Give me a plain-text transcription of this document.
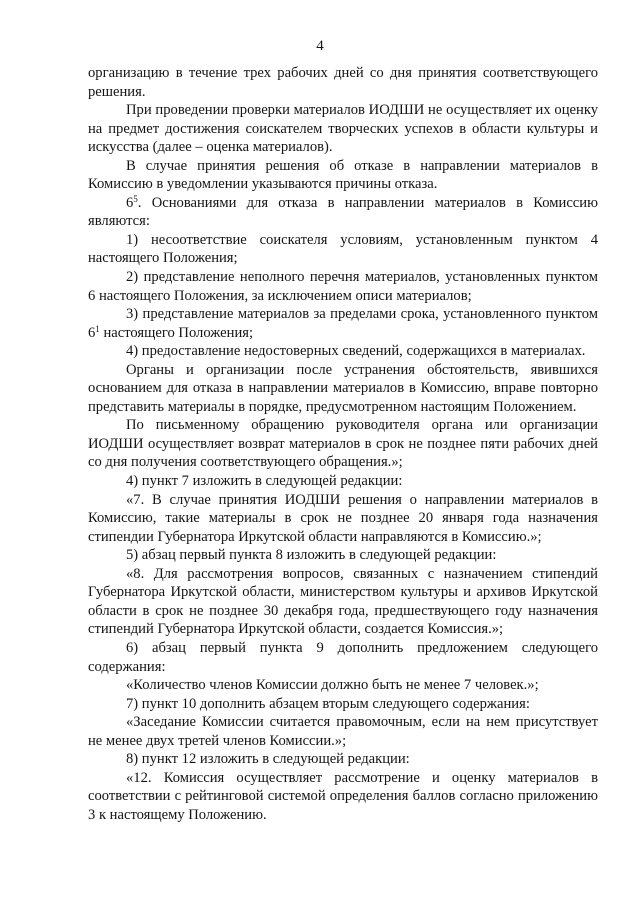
4

организацию в течение трех рабочих дней со дня принятия соответствующего решения.

При проведении проверки материалов ИОДШИ не осуществляет их оценку на предмет достижения соискателем творческих успехов в области культуры и искусства (далее – оценка материалов).

В случае принятия решения об отказе в направлении материалов в Комиссию в уведомлении указываются причины отказа.

$6^5$. Основаниями для отказа в направлении материалов в Комиссию являются:

1) несоответствие соискателя условиям, установленным пунктом 4 настоящего Положения;

2) представление неполного перечня материалов, установленных пунктом 6 настоящего Положения, за исключением описи материалов;

3) представление материалов за пределами срока, установленного пунктом $6^1$ настоящего Положения;

4) предоставление недостоверных сведений, содержащихся в материалах.

Органы и организации после устранения обстоятельств, явившихся основанием для отказа в направлении материалов в Комиссию, вправе повторно представить материалы в порядке, предусмотренном настоящим Положением.

По письменному обращению руководителя органа или организации ИОДШИ осуществляет возврат материалов в срок не позднее пяти рабочих дней со дня получения соответствующего обращения.»;

4) пункт 7 изложить в следующей редакции:

«7. В случае принятия ИОДШИ решения о направлении материалов в Комиссию, такие материалы в срок не позднее 20 января года назначения стипендии Губернатора Иркутской области направляются в Комиссию.»;

5) абзац первый пункта 8 изложить в следующей редакции:

«8. Для рассмотрения вопросов, связанных с назначением стипендий Губернатора Иркутской области, министерством культуры и архивов Иркутской области в срок не позднее 30 декабря года, предшествующего году назначения стипендий Губернатора Иркутской области, создается Комиссия.»;

6) абзац первый пункта 9 дополнить предложением следующего содержания:

«Количество членов Комиссии должно быть не менее 7 человек.»;

7) пункт 10 дополнить абзацем вторым следующего содержания:

«Заседание Комиссии считается правомочным, если на нем присутствует не менее двух третей членов Комиссии.»;

8) пункт 12 изложить в следующей редакции:

«12. Комиссия осуществляет рассмотрение и оценку материалов в соответствии с рейтинговой системой определения баллов согласно приложению 3 к настоящему Положению.
